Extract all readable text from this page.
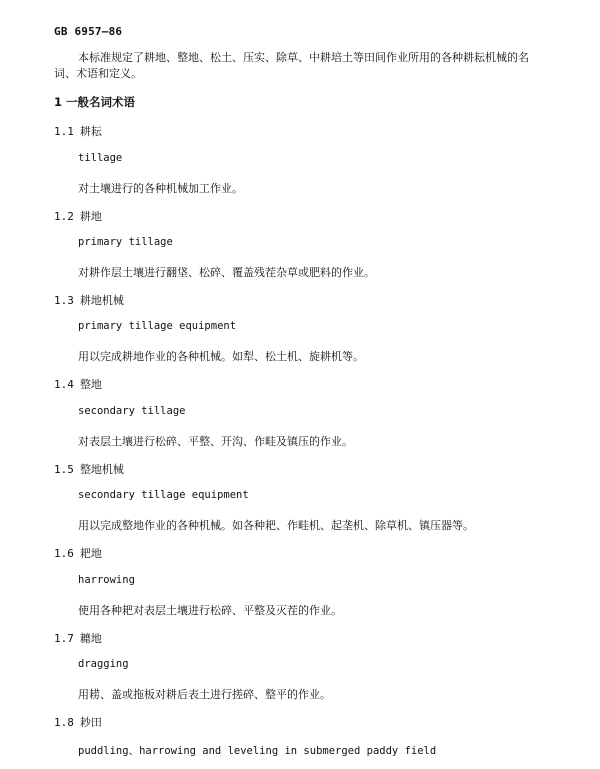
GB 6957—86
本标准规定了耕地、整地、松土、压实、除草、中耕培土等田间作业所用的各种耕耘机械的名词、术语和定义。
1 一般名词术语
1.1 耕耘
tillage
对土壤进行的各种机械加工作业。
1.2 耕地
primary tillage
对耕作层土壤进行翻垡、松碎、覆盖残茬杂草或肥料的作业。
1.3 耕地机械
primary tillage equipment
用以完成耕地作业的各种机械。如犁、松土机、旋耕机等。
1.4 整地
secondary tillage
对表层土壤进行松碎、平整、开沟、作畦及镇压的作业。
1.5 整地机械
secondary tillage equipment
用以完成整地作业的各种机械。如各种耙、作畦机、起垄机、除草机、镇压器等。
1.6 耙地
harrowing
使用各种耙对表层土壤进行松碎、平整及灭茬的作业。
1.7 耱地
dragging
用耢、盖或拖板对耕后表土进行搓碎、整平的作业。
1.8 耖田
puddling、harrowing and leveling in submerged paddy field
